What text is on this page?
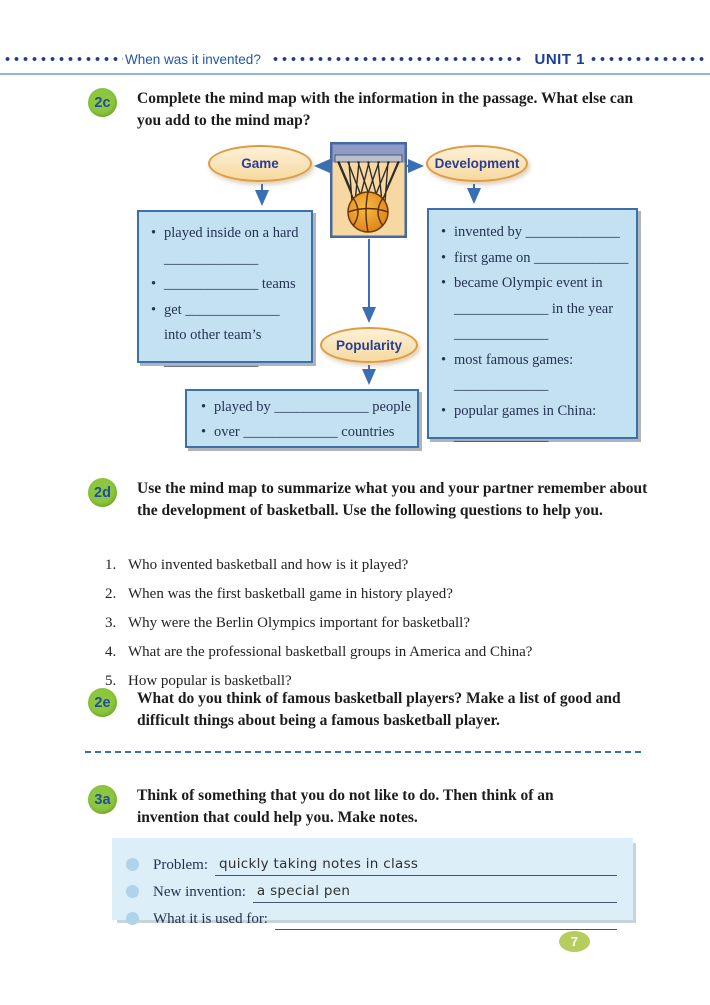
When was it invented?	UNIT 1
2c	Complete the mind map with the information in the passage. What else can you add to the mind map?
Game	Development
Popularity
• played inside on a hard
_____________
• _____________ teams
• get _____________
into other team’s
_____________
• invented by _____________
• first game on _____________
• became Olympic event in
_____________ in the year
_____________
• most famous games:
_____________
• popular games in China:
_____________
• played by _____________ people
• over _____________ countries
2d	Use the mind map to summarize what you and your partner remember about the development of basketball. Use the following questions to help you.
1. Who invented basketball and how is it played?
2. When was the first basketball game in history played?
3. Why were the Berlin Olympics important for basketball?
4. What are the professional basketball groups in America and China?
5. How popular is basketball?
2e	What do you think of famous basketball players? Make a list of good and difficult things about being a famous basketball player.
3a	Think of something that you do not like to do. Then think of an invention that could help you. Make notes.
Problem: quickly taking notes in class
New invention: a special pen
What it is used for:
7
